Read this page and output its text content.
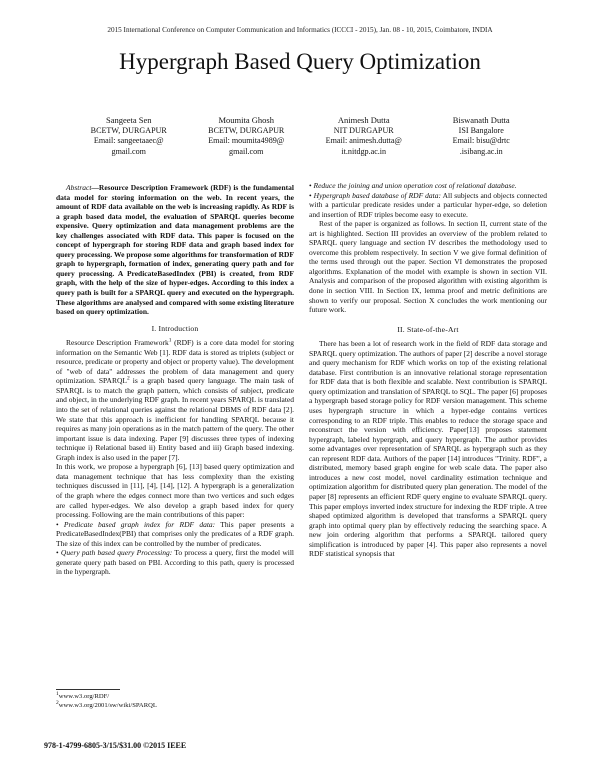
2015 International Conference on Computer Communication and Informatics (ICCCI - 2015), Jan. 08 - 10, 2015, Coimbatore, INDIA
Hypergraph Based Query Optimization
Sangeeta Sen
BCETW, DURGAPUR
Email: sangeetaaec@
gmail.com
Moumita Ghosh
BCETW, DURGAPUR
Email: moumita4989@
gmail.com
Animesh Dutta
NIT DURGAPUR
Email: animesh.dutta@
it.nitdgp.ac.in
Biswanath Dutta
ISI Bangalore
Email: bisu@drtc
.isibang.ac.in

Abstract—Resource Description Framework (RDF) is the fundamental data model for storing information on the web. In recent years, the amount of RDF data available on the web is increasing rapidly. As RDF is a graph based data model, the evaluation of SPARQL queries become expensive. Query optimization and data management problems are the key challenges associated with RDF data. This paper is focused on the concept of hypergraph for storing RDF data and graph based index for query processing. We propose some algorithms for transformation of RDF graph to hypergraph, formation of index, generating query path and for query processing. A PredicateBasedIndex (PBI) is created, from RDF graph, with the help of the size of hyper-edges. According to this index a query path is built for a SPARQL query and executed on the hypergraph. These algorithms are analysed and compared with some existing literature based on query optimization.

I. Introduction

Resource Description Framework$^1$ (RDF) is a core data model for storing information on the Semantic Web [1]. RDF data is stored as triplets (subject or resource, predicate or property and object or property value). The development of "web of data" addresses the problem of data management and query optimization. SPARQL$^2$ is a graph based query language. The main task of SPARQL is to match the graph pattern, which consists of subject, predicate and object, in the underlying RDF graph. In recent years SPARQL is translated into the set of relational queries against the relational DBMS of RDF data [2]. We state that this approach is inefficient for handling SPARQL because it requires as many join operations as in the match pattern of the query. The other important issue is data indexing. Paper [9] discusses three types of indexing technique i) Relational based ii) Entity based and iii) Graph based indexing. Graph index is also used in the paper [7].

In this work, we propose a hypergraph [6], [13] based query optimization and data management technique that has less complexity than the existing techniques discussed in [11], [4], [14], [12]. A hypergraph is a generalization of the graph where the edges connect more than two vertices and such edges are called hyper-edges. We also develop a graph based index for query processing. Following are the main contributions of this paper:

• Predicate based graph index for RDF data: This paper presents a PredicateBasedIndex(PBI) that comprises only the predicates of a RDF graph. The size of this index can be controlled by the number of predicates.

• Query path based query Processing: To process a query, first the model will generate query path based on PBI. According to this path, query is processed in the hypergraph.

$^1$www.w3.org/RDF/
$^2$www.w3.org/2001/sw/wiki/SPARQL

• Reduce the joining and union operation cost of relational database.

• Hypergraph based database of RDF data: All subjects and objects connected with a particular predicate resides under a particular hyper-edge, so deletion and insertion of RDF triples become easy to execute.

Rest of the paper is organized as follows. In section II, current state of the art is highlighted. Section III provides an overview of the problem related to SPARQL query language and section IV describes the methodology used to overcome this problem respectively. In section V we give formal definition of the terms used through out the paper. Section VI demonstrates the proposed algorithms. Explanation of the model with example is shown in section VII. Analysis and comparison of the proposed algorithm with existing algorithm is done in section VIII. In Section IX, lemma proof and metric definitions are shown to verify our proposal. Section X concludes the work mentioning our future work.

II. State-of-the-Art

There has been a lot of research work in the field of RDF data storage and SPARQL query optimization. The authors of paper [2] describe a novel storage and query mechanism for RDF which works on top of the existing relational database. First contribution is an innovative relational storage representation for RDF data that is both flexible and scalable. Next contribution is SPARQL query optimization and translation of SPARQL to SQL. The paper [6] proposes a hypergraph based storage policy for RDF version management. This scheme uses hypergraph structure in which a hyper-edge contains vertices corresponding to an RDF triple. This enables to reduce the storage space and reconstruct the version with efficiency. Paper[13] proposes statement hypergraph, labeled hypergraph, and query hypergraph. The author provides some advantages over representation of SPARQL as hypergraph such as they can represent RDF data. Authors of the paper [14] introduces "Trinity. RDF", a distributed, memory based graph engine for web scale data. The paper also introduces a new cost model, novel cardinality estimation technique and optimization algorithm for distributed query plan generation. The model of the paper [8] represents an efficient RDF query engine to evaluate SPARQL query. This paper employs inverted index structure for indexing the RDF triple. A tree shaped optimized algorithm is developed that transforms a SPARQL query graph into optimal query plan by effectively reducing the searching space. A new join ordering algorithm that performs a SPARQL tailored query simplification is introduced by paper [4]. This paper also represents a novel RDF statistical synopsis that

978-1-4799-6805-3/15/$31.00 ©2015 IEEE
